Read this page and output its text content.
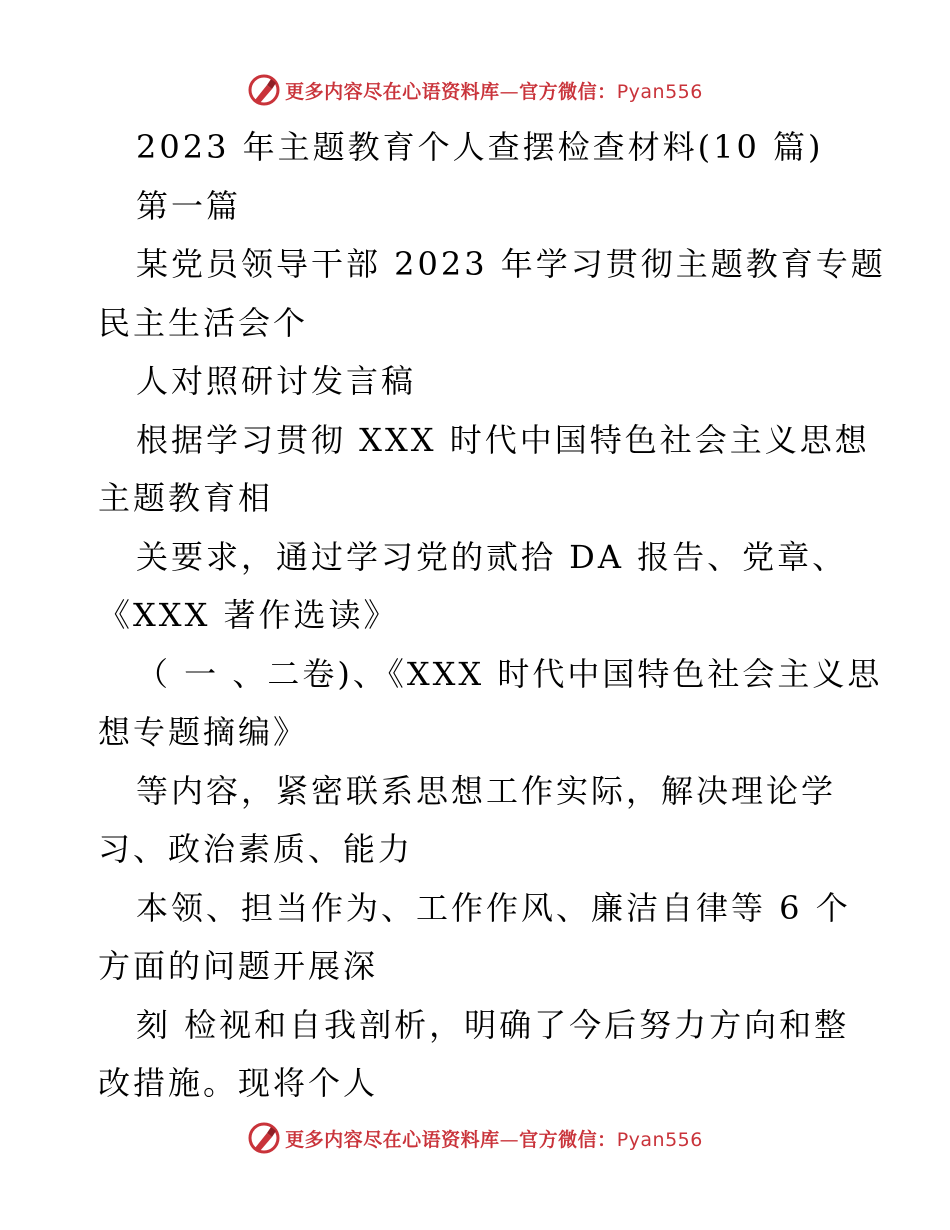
更多内容尽在心语资料库—官方微信：Pyan556
2023 年主题教育个人查摆检查材料(10 篇)
第一篇
某党员领导干部 2023 年学习贯彻主题教育专题
民主生活会个
人对照研讨发言稿
根据学习贯彻 XXX 时代中国特色社会主义思想
主题教育相
关要求，通过学习党的贰拾 DA 报告、党章、
《XXX 著作选读》
（ 一 、二卷)、《XXX 时代中国特色社会主义思
想专题摘编》
等内容，紧密联系思想工作实际，解决理论学
习、政治素质、能力
本领、担当作为、工作作风、廉洁自律等 6 个
方面的问题开展深
刻 检视和自我剖析，明确了今后努力方向和整
改措施。现将个人
更多内容尽在心语资料库—官方微信：Pyan556
